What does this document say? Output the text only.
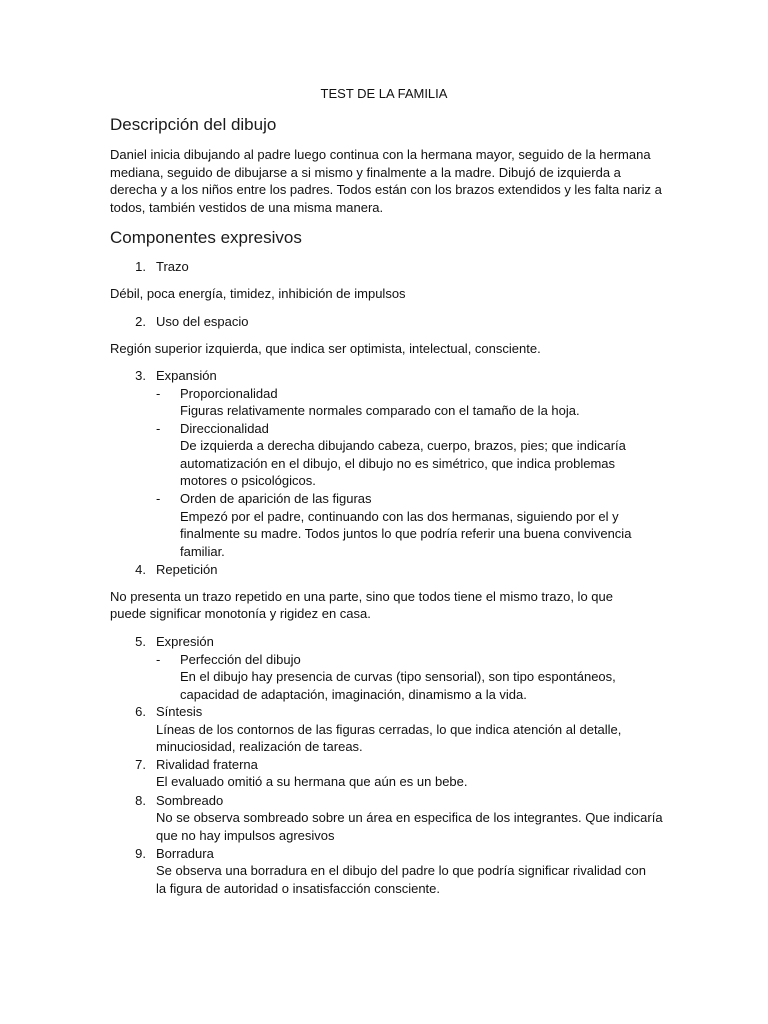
TEST DE LA FAMILIA
Descripción del dibujo
Daniel inicia dibujando al padre luego continua con la hermana mayor, seguido de la hermana
mediana, seguido de dibujarse a si mismo y finalmente a la madre. Dibujó de izquierda a
derecha y a los niños entre los padres. Todos están con los brazos extendidos y les falta nariz a
todos, también vestidos de una misma manera.
Componentes expresivos
1. Trazo
Débil, poca energía, timidez, inhibición de impulsos
2. Uso del espacio
Región superior izquierda, que indica ser optimista, intelectual, consciente.
3. Expansión
- Proporcionalidad
Figuras relativamente normales comparado con el tamaño de la hoja.
- Direccionalidad
De izquierda a derecha dibujando cabeza, cuerpo, brazos, pies; que indicaría
automatización en el dibujo, el dibujo no es simétrico, que indica problemas
motores o psicológicos.
- Orden de aparición de las figuras
Empezó por el padre, continuando con las dos hermanas, siguiendo por el y
finalmente su madre. Todos juntos lo que podría referir una buena convivencia
familiar.
4. Repetición
No presenta un trazo repetido en una parte, sino que todos tiene el mismo trazo, lo que
puede significar monotonía y rigidez en casa.
5. Expresión
- Perfección del dibujo
En el dibujo hay presencia de curvas (tipo sensorial), son tipo espontáneos,
capacidad de adaptación, imaginación, dinamismo a la vida.
6. Síntesis
Líneas de los contornos de las figuras cerradas, lo que indica atención al detalle,
minuciosidad, realización de tareas.
7. Rivalidad fraterna
El evaluado omitió a su hermana que aún es un bebe.
8. Sombreado
No se observa sombreado sobre un área en especifica de los integrantes. Que indicaría
que no hay impulsos agresivos
9. Borradura
Se observa una borradura en el dibujo del padre lo que podría significar rivalidad con
la figura de autoridad o insatisfacción consciente.
